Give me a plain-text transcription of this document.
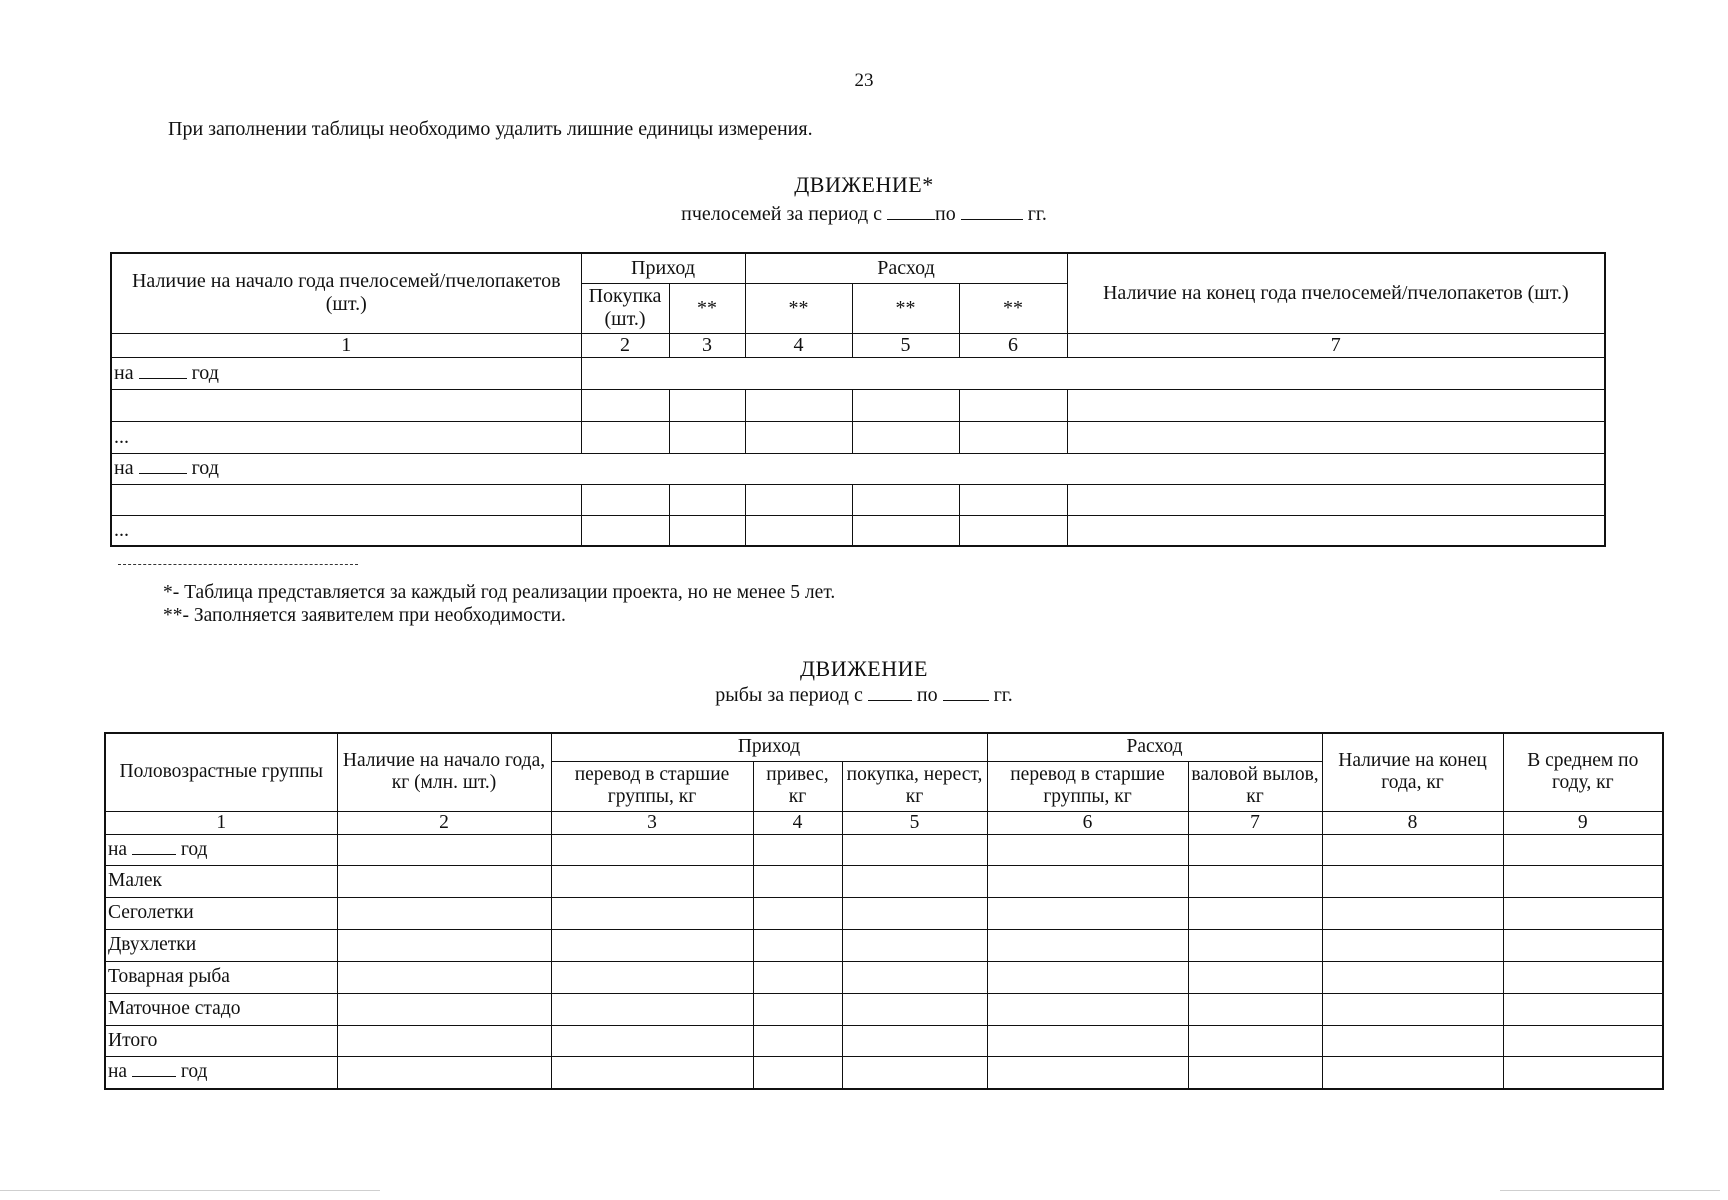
23
При заполнении таблицы необходимо удалить лишние единицы измерения.
ДВИЖЕНИЕ*
пчелосемей за период с	по	гг.
Наличие на начало года пчелосемей/пчелопакетов (шт.)	Приход		Расход			Наличие на конец года пчелосемей/пчелопакетов (шт.)
	Покупка (шт.)	**	**	**	**	
1	2	3	4	5	6	7
на год						

...						
на год						

...						
*- Таблица представляется за каждый год реализации проекта, но не менее 5 лет.
**- Заполняется заявителем при необходимости.
ДВИЖЕНИЕ
рыбы за период с	по	гг.
Половозрастные группы	Наличие на начало года, кг (млн. шт.)	Приход			Расход		Наличие на конец года, кг	В среднем по году, кг
		перевод в старшие группы, кг	привес, кг	покупка, нерест, кг	перевод в старшие группы, кг	валовой вылов, кг		
1	2	3	4	5	6	7	8	9
на год								
Малек								
Сеголетки								
Двухлетки								
Товарная рыба								
Маточное стадо								
Итого								
на год								
